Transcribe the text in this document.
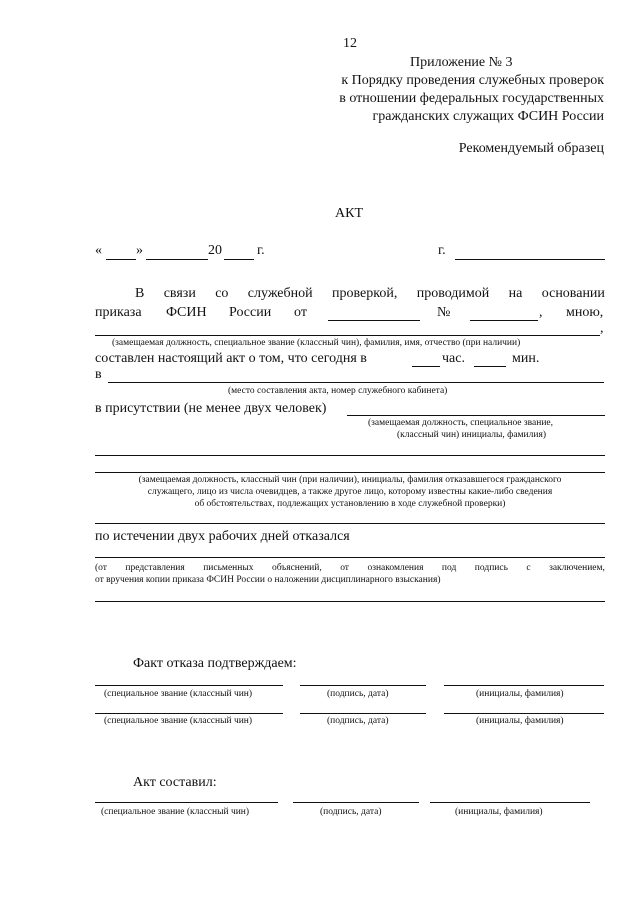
12
Приложение № 3
к Порядку проведения служебных проверок
в отношении федеральных государственных
гражданских служащих ФСИН России
Рекомендуемый образец
АКТ
« »	20	г.	г.
В связи со служебной проверкой, проводимой на основании
приказа ФСИН России от	№	, мною,
,
(замещаемая должность, специальное звание (классный чин), фамилия, имя, отчество (при наличии)
составлен настоящий акт о том, что сегодня в	час.	мин.
в
(место составления акта, номер служебного кабинета)
в присутствии (не менее двух человек)
(замещаемая должность, специальное звание,
(классный чин) инициалы, фамилия)
(замещаемая должность, классный чин (при наличии), инициалы, фамилия отказавшегося гражданского
служащего, лицо из числа очевидцев, а также другое лицо, которому известны какие-либо сведения
об обстоятельствах, подлежащих установлению в ходе служебной проверки)
по истечении двух рабочих дней отказался
(от представления письменных объяснений, от ознакомления под подпись с заключением,
от вручения копии приказа ФСИН России о наложении дисциплинарного взыскания)
Факт отказа подтверждаем:
(специальное звание (классный чин)	(подпись, дата)	(инициалы, фамилия)
(специальное звание (классный чин)	(подпись, дата)	(инициалы, фамилия)
Акт составил:
(специальное звание (классный чин)	(подпись, дата)	(инициалы, фамилия)
